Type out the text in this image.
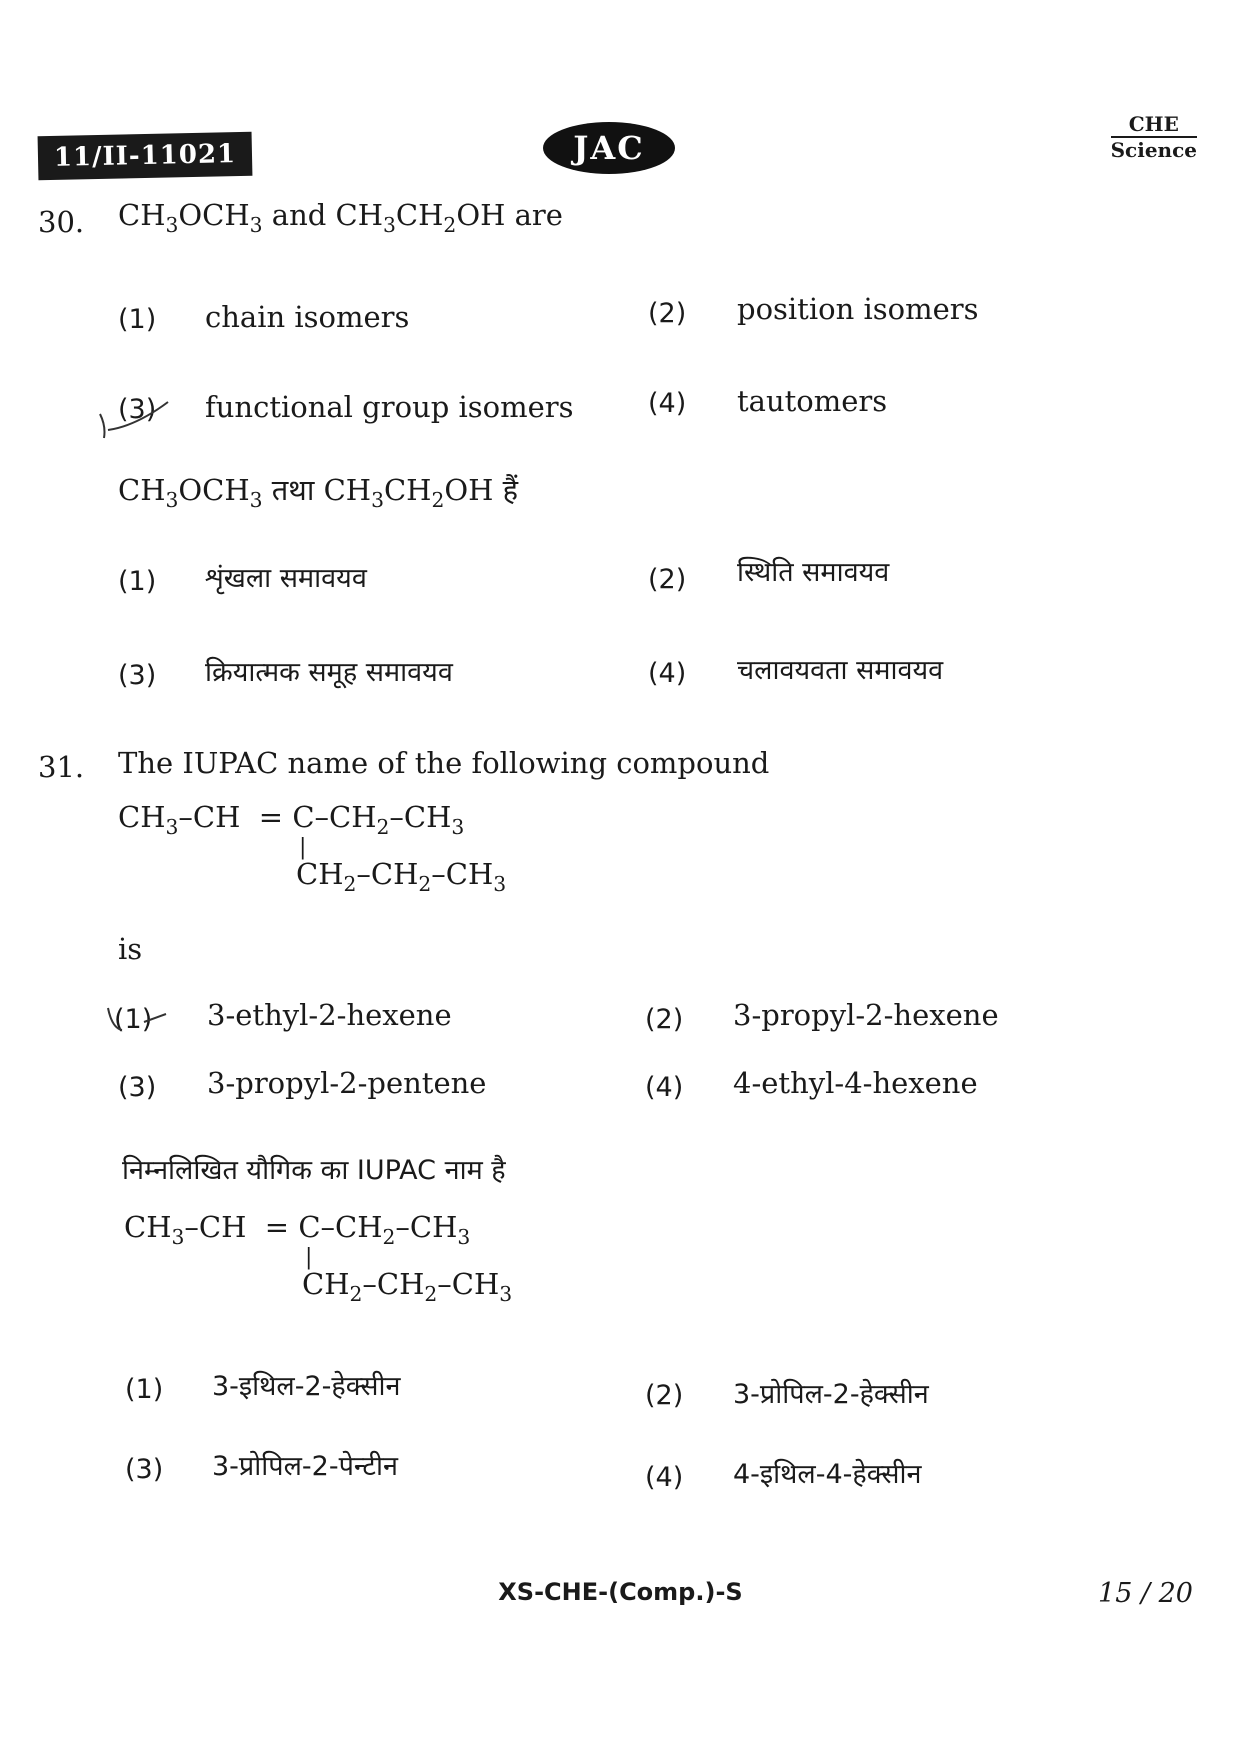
11/II-11021	JAC
CHE
Science
30. $CH_3OCH_3$ and $CH_3CH_2OH$ are
(1) chain isomers	(2) position isomers
(3) functional group isomers	(4) tautomers
$CH_3OCH_3$ तथा $CH_3CH_2OH$ हैं
(1) शृंखला समावयव	(2) स्थिति समावयव
(3) क्रियात्मक समूह समावयव	(4) चलावयवता समावयव
31. The IUPAC name of the following compound
$CH_3-CH = C-CH_2-CH_3$
|
$CH_2-CH_2-CH_3$
is
(1) 3-ethyl-2-hexene	(2) 3-propyl-2-hexene
(3) 3-propyl-2-pentene	(4) 4-ethyl-4-hexene
निम्नलिखित यौगिक का IUPAC नाम है
$CH_3-CH = C-CH_2-CH_3$
|
$CH_2-CH_2-CH_3$
(1) 3-इथिल-2-हेक्सीन	(2) 3-प्रोपिल-2-हेक्सीन
(3) 3-प्रोपिल-2-पेन्टीन	(4) 4-इथिल-4-हेक्सीन
XS-CHE-(Comp.)-S	15 / 20
